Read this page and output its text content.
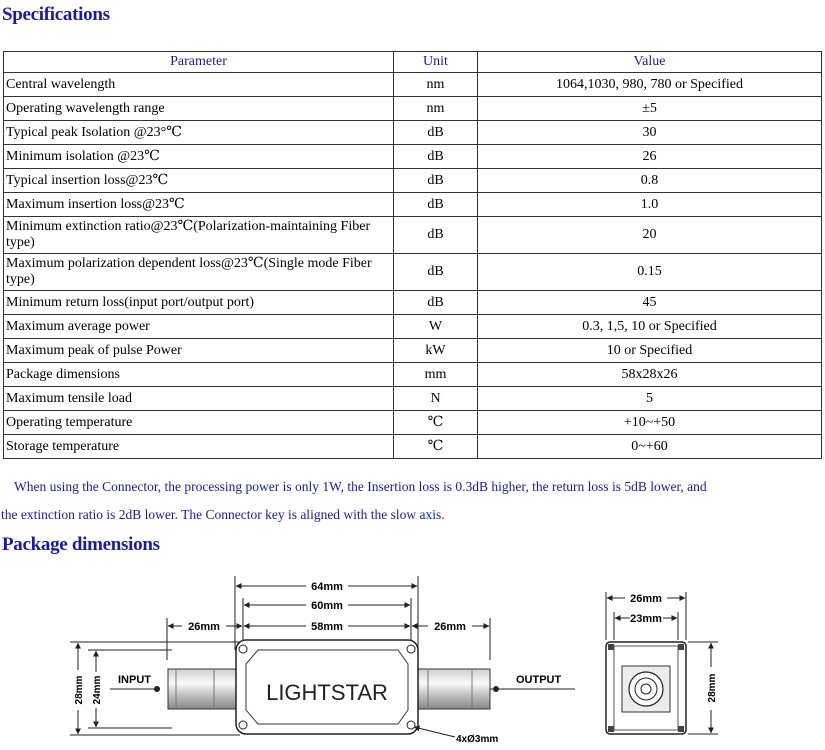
Specifications
Parameter	Unit	Value
Central wavelength	nm	1064,1030, 980, 780 or Specified
Operating wavelength range	nm	±5
Typical peak Isolation @23°℃	dB	30
Minimum isolation @23℃	dB	26
Typical insertion loss@23℃	dB	0.8
Maximum insertion loss@23℃	dB	1.0
Minimum extinction ratio@23℃(Polarization-maintaining Fiber type)	dB	20
Maximum polarization dependent loss@23℃(Single mode Fiber type)	dB	0.15
Minimum return loss(input port/output port)	dB	45
Maximum average power	W	0.3, 1,5, 10 or Specified
Maximum peak of pulse Power	kW	10 or Specified
Package dimensions	mm	58x28x26
Maximum tensile load	N	5
Operating temperature	℃	+10~+50
Storage temperature	℃	0~+60
When using the Connector, the processing power is only 1W, the Insertion loss is 0.3dB higher, the return loss is 5dB lower, and
the extinction ratio is 2dB lower. The Connector key is aligned with the slow axis.
Package dimensions
64mm
60mm
58mm
26mm	26mm
28mm 24mm INPUT	LIGHTSTAR	OUTPUT
4xØ3mm
26mm
23mm
28mm
